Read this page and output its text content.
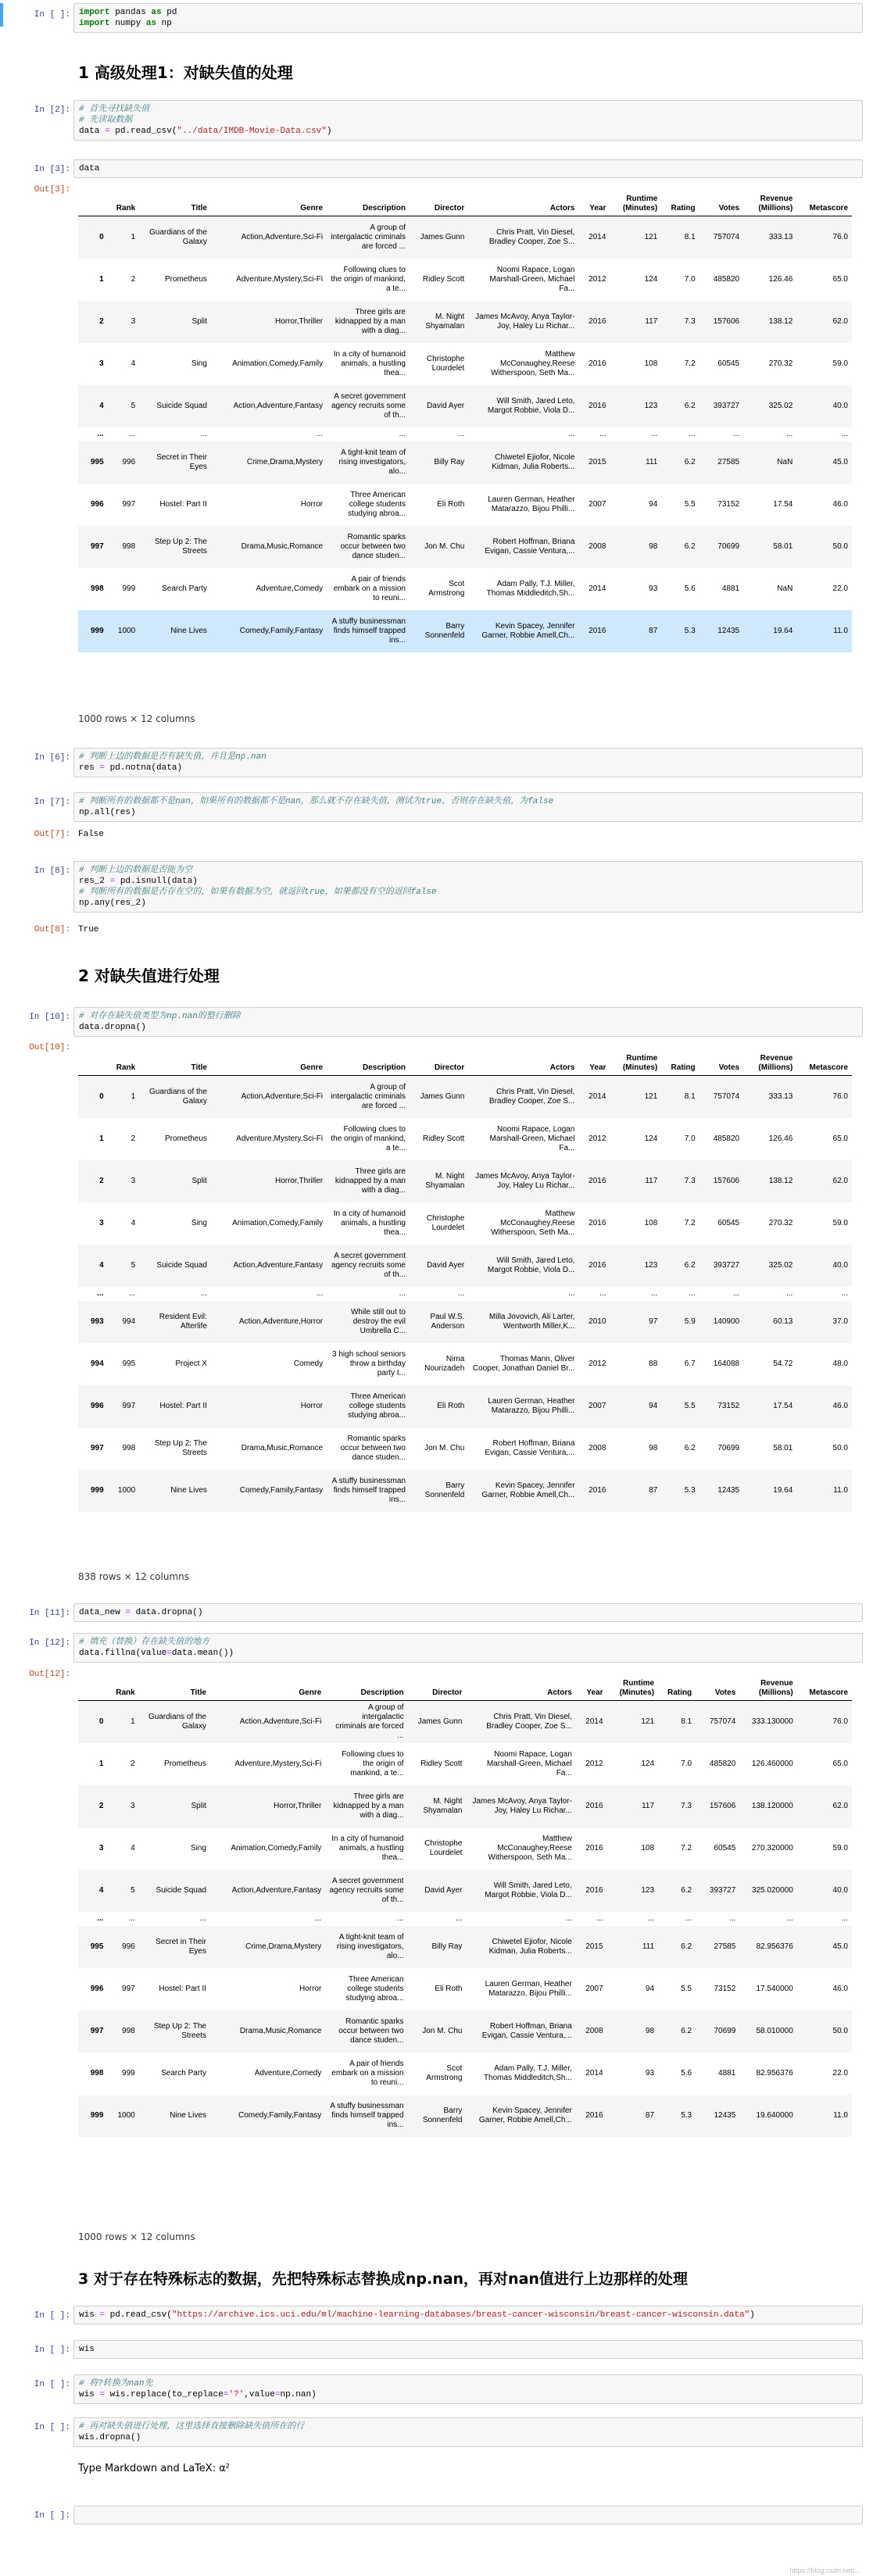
In [ ]:	import pandas as pd
import numpy as np
1 高级处理1：对缺失值的处理
In [2]:	# 首先寻找缺失值
# 先读取数据
data = pd.read_csv("../data/IMDB-Movie-Data.csv")
In [3]:	data
Out[3]:
	Rank	Title	Genre	Description	Director	Actors	Year	Runtime (Minutes)	Rating	Votes	Revenue (Millions)	Metascore
0	1	Guardians of the Galaxy	Action,Adventure,Sci-Fi	A group of intergalactic criminals are forced ...	James Gunn	Chris Pratt, Vin Diesel, Bradley Cooper, Zoe S...	2014	121	8.1	757074	333.13	76.0
1	2	Prometheus	Adventure,Mystery,Sci-Fi	Following clues to the origin of mankind, a te...	Ridley Scott	Noomi Rapace, Logan Marshall-Green, Michael Fa...	2012	124	7.0	485820	126.46	65.0
2	3	Split	Horror,Thriller	Three girls are kidnapped by a man with a diag...	M. Night Shyamalan	James McAvoy, Anya Taylor-Joy, Haley Lu Richar...	2016	117	7.3	157606	138.12	62.0
3	4	Sing	Animation,Comedy,Family	In a city of humanoid animals, a hustling thea...	Christophe Lourdelet	Matthew McConaughey,Reese Witherspoon, Seth Ma...	2016	108	7.2	60545	270.32	59.0
4	5	Suicide Squad	Action,Adventure,Fantasy	A secret government agency recruits some of th...	David Ayer	Will Smith, Jared Leto, Margot Robbie, Viola D...	2016	123	6.2	393727	325.02	40.0
...	...	...	...	...	...	...	...	...	...	...	...	...
995	996	Secret in Their Eyes	Crime,Drama,Mystery	A tight-knit team of rising investigators, alo...	Billy Ray	Chiwetel Ejiofor, Nicole Kidman, Julia Roberts...	2015	111	6.2	27585	NaN	45.0
996	997	Hostel: Part II	Horror	Three American college students studying abroa...	Eli Roth	Lauren German, Heather Matarazzo, Bijou Philli...	2007	94	5.5	73152	17.54	46.0
997	998	Step Up 2: The Streets	Drama,Music,Romance	Romantic sparks occur between two dance studen...	Jon M. Chu	Robert Hoffman, Briana Evigan, Cassie Ventura,...	2008	98	6.2	70699	58.01	50.0
998	999	Search Party	Adventure,Comedy	A pair of friends embark on a mission to reuni...	Scot Armstrong	Adam Pally, T.J. Miller, Thomas Middleditch,Sh...	2014	93	5.6	4881	NaN	22.0
999	1000	Nine Lives	Comedy,Family,Fantasy	A stuffy businessman finds himself trapped ins...	Barry Sonnenfeld	Kevin Spacey, Jennifer Garner, Robbie Amell,Ch...	2016	87	5.3	12435	19.64	11.0
1000 rows × 12 columns
In [6]:	# 判断上边的数据是否有缺失值，并且是np.nan
res = pd.notna(data)
In [7]:	# 判断所有的数据都不是nan，如果所有的数据都不是nan，那么就不存在缺失值，测试为true，否则存在缺失值，为false
np.all(res)
Out[7]: False
In [8]:	# 判断上边的数据是否能为空
res_2 = pd.isnull(data)
# 判断所有的数据是否存在空的，如果有数据为空，就返回true，如果都没有空的返回false
np.any(res_2)
Out[8]: True
2 对缺失值进行处理
In [10]:	# 对存在缺失值类型为np.nan的整行删除
data.dropna()
Out[10]:
	Rank	Title	Genre	Description	Director	Actors	Year	Runtime (Minutes)	Rating	Votes	Revenue (Millions)	Metascore
0	1	Guardians of the Galaxy	Action,Adventure,Sci-Fi	A group of intergalactic criminals are forced ...	James Gunn	Chris Pratt, Vin Diesel, Bradley Cooper, Zoe S...	2014	121	8.1	757074	333.13	76.0
1	2	Prometheus	Adventure,Mystery,Sci-Fi	Following clues to the origin of mankind, a te...	Ridley Scott	Noomi Rapace, Logan Marshall-Green, Michael Fa...	2012	124	7.0	485820	126.46	65.0
2	3	Split	Horror,Thriller	Three girls are kidnapped by a man with a diag...	M. Night Shyamalan	James McAvoy, Anya Taylor-Joy, Haley Lu Richar...	2016	117	7.3	157606	138.12	62.0
3	4	Sing	Animation,Comedy,Family	In a city of humanoid animals, a hustling thea...	Christophe Lourdelet	Matthew McConaughey,Reese Witherspoon, Seth Ma...	2016	108	7.2	60545	270.32	59.0
4	5	Suicide Squad	Action,Adventure,Fantasy	A secret government agency recruits some of th...	David Ayer	Will Smith, Jared Leto, Margot Robbie, Viola D...	2016	123	6.2	393727	325.02	40.0
...	...	...	...	...	...	...	...	...	...	...	...	...
993	994	Resident Evil: Afterlife	Action,Adventure,Horror	While still out to destroy the evil Umbrella C...	Paul W.S. Anderson	Milla Jovovich, Ali Larter, Wentworth Miller,K...	2010	97	5.9	140900	60.13	37.0
994	995	Project X	Comedy	3 high school seniors throw a birthday party t...	Nima Nourizadeh	Thomas Mann, Oliver Cooper, Jonathan Daniel Br...	2012	88	6.7	164088	54.72	48.0
996	997	Hostel: Part II	Horror	Three American college students studying abroa...	Eli Roth	Lauren German, Heather Matarazzo, Bijou Philli...	2007	94	5.5	73152	17.54	46.0
997	998	Step Up 2: The Streets	Drama,Music,Romance	Romantic sparks occur between two dance studen...	Jon M. Chu	Robert Hoffman, Briana Evigan, Cassie Ventura,...	2008	98	6.2	70699	58.01	50.0
999	1000	Nine Lives	Comedy,Family,Fantasy	A stuffy businessman finds himself trapped ins...	Barry Sonnenfeld	Kevin Spacey, Jennifer Garner, Robbie Amell,Ch...	2016	87	5.3	12435	19.64	11.0
838 rows × 12 columns
In [11]:	data_new = data.dropna()
In [12]:	# 填充（替换）存在缺失值的地方
data.fillna(value=data.mean())
Out[12]:
	Rank	Title	Genre	Description	Director	Actors	Year	Runtime (Minutes)	Rating	Votes	Revenue (Millions)	Metascore
0	1	Guardians of the Galaxy	Action,Adventure,Sci-Fi	A group of intergalactic criminals are forced ...	James Gunn	Chris Pratt, Vin Diesel, Bradley Cooper, Zoe S...	2014	121	8.1	757074	333.130000	76.0
1	2	Prometheus	Adventure,Mystery,Sci-Fi	Following clues to the origin of mankind, a te...	Ridley Scott	Noomi Rapace, Logan Marshall-Green, Michael Fa...	2012	124	7.0	485820	126.460000	65.0
2	3	Split	Horror,Thriller	Three girls are kidnapped by a man with a diag...	M. Night Shyamalan	James McAvoy, Anya Taylor-Joy, Haley Lu Richar...	2016	117	7.3	157606	138.120000	62.0
3	4	Sing	Animation,Comedy,Family	In a city of humanoid animals, a hustling thea...	Christophe Lourdelet	Matthew McConaughey,Reese Witherspoon, Seth Ma...	2016	108	7.2	60545	270.320000	59.0
4	5	Suicide Squad	Action,Adventure,Fantasy	A secret government agency recruits some of th...	David Ayer	Will Smith, Jared Leto, Margot Robbie, Viola D...	2016	123	6.2	393727	325.020000	40.0
...	...	...	...	...	...	...	...	...	...	...	...	...
995	996	Secret in Their Eyes	Crime,Drama,Mystery	A tight-knit team of rising investigators, alo...	Billy Ray	Chiwetel Ejiofor, Nicole Kidman, Julia Roberts...	2015	111	6.2	27585	82.956376	45.0
996	997	Hostel: Part II	Horror	Three American college students studying abroa...	Eli Roth	Lauren German, Heather Matarazzo, Bijou Philli...	2007	94	5.5	73152	17.540000	46.0
997	998	Step Up 2: The Streets	Drama,Music,Romance	Romantic sparks occur between two dance studen...	Jon M. Chu	Robert Hoffman, Briana Evigan, Cassie Ventura,...	2008	98	6.2	70699	58.010000	50.0
998	999	Search Party	Adventure,Comedy	A pair of friends embark on a mission to reuni...	Scot Armstrong	Adam Pally, T.J. Miller, Thomas Middleditch,Sh...	2014	93	5.6	4881	82.956376	22.0
999	1000	Nine Lives	Comedy,Family,Fantasy	A stuffy businessman finds himself trapped ins...	Barry Sonnenfeld	Kevin Spacey, Jennifer Garner, Robbie Amell,Ch...	2016	87	5.3	12435	19.640000	11.0
1000 rows × 12 columns
3 对于存在特殊标志的数据，先把特殊标志替换成np.nan，再对nan值进行上边那样的处理
In [ ]:	wis = pd.read_csv("https://archive.ics.uci.edu/ml/machine-learning-databases/breast-cancer-wisconsin/breast-cancer-wisconsin.data")
In [ ]:	wis
In [ ]:	# 将?转换为nan先
wis = wis.replace(to_replace='?',value=np.nan)
In [ ]:	# 再对缺失值进行处理，这里选择直接删除缺失值所在的行
wis.dropna()
Type Markdown and LaTeX: α²
In [ ]:
https://blog.csdn.net/...
